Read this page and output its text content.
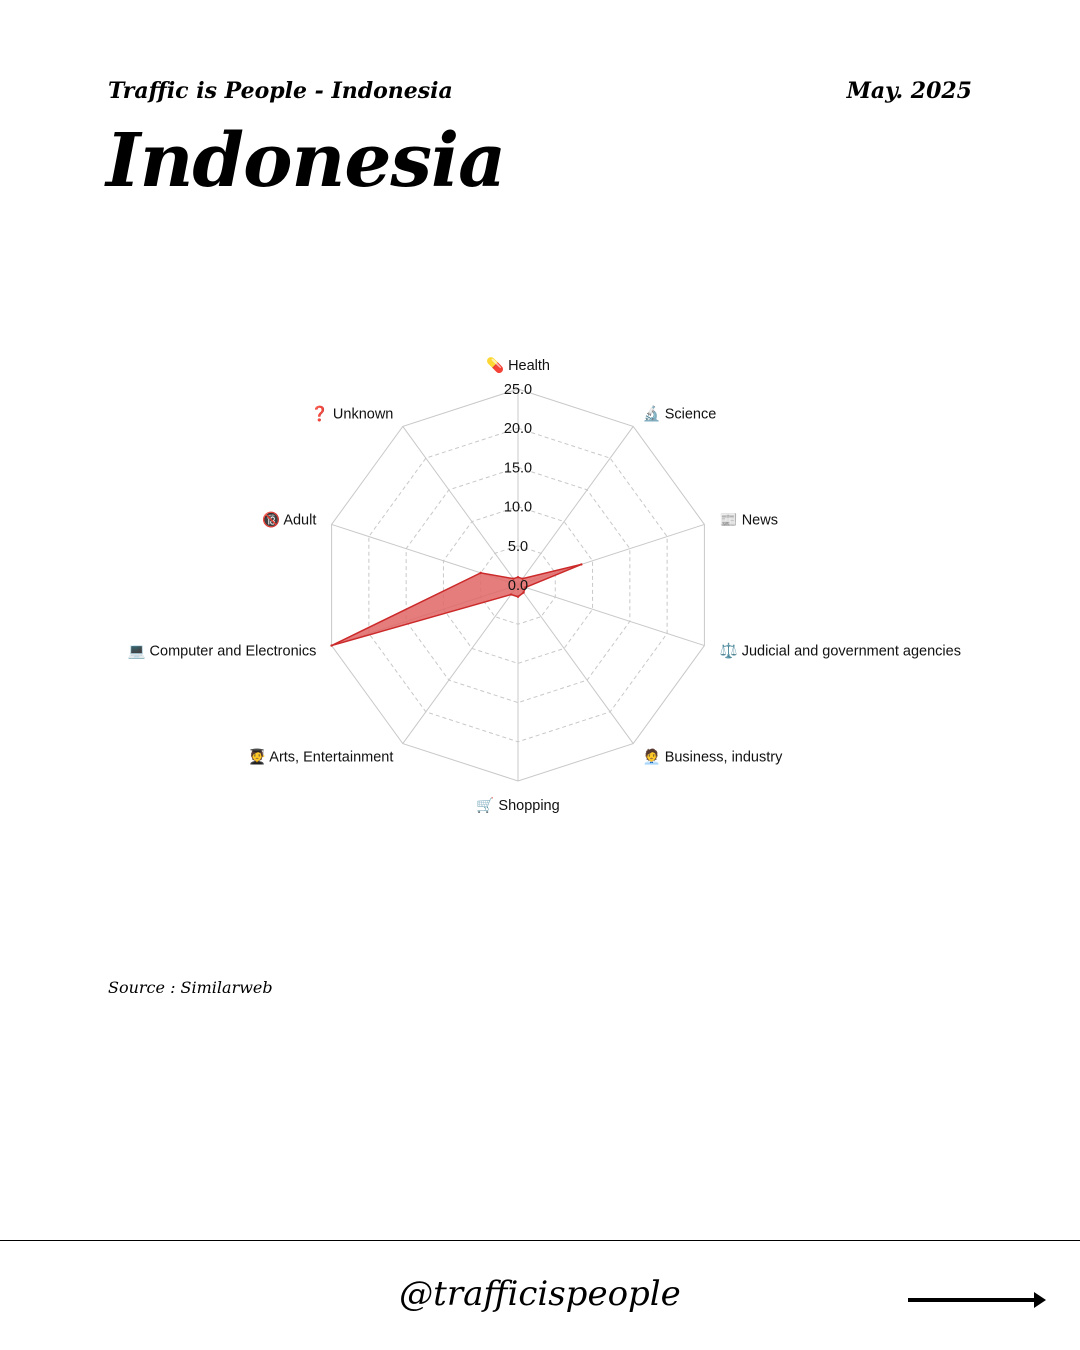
Traffic is People - Indonesia	May. 2025
Indonesia
0.0
5.0
10.0
15.0
20.0
25.0
💊 Health
🔬 Science
📰 News
⚖️ Judicial and government agencies
🧑‍💼 Business, industry
🛒 Shopping
🧑‍🎓 Arts, Entertainment
💻 Computer and Electronics
🔞 Adult
❓ Unknown
Source : Similarweb
@trafficispeople
